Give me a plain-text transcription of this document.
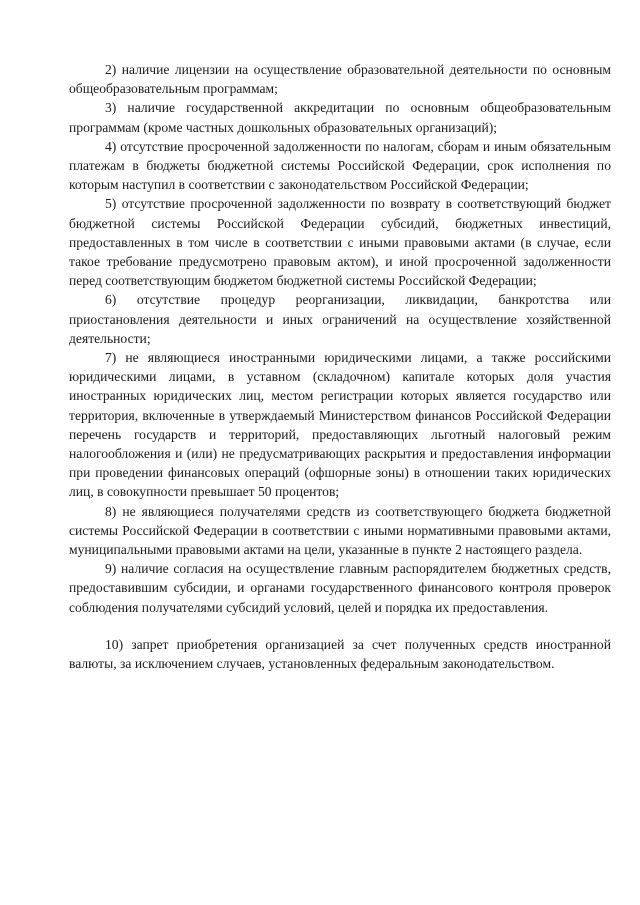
2) наличие лицензии на осуществление образовательной деятельности по основным общеобразовательным программам;

3) наличие государственной аккредитации по основным общеобразовательным программам (кроме частных дошкольных образовательных организаций);

4) отсутствие просроченной задолженности по налогам, сборам и иным обязательным платежам в бюджеты бюджетной системы Российской Федерации, срок исполнения по которым наступил в соответствии с законодательством Российской Федерации;

5) отсутствие просроченной задолженности по возврату в соответствующий бюджет бюджетной системы Российской Федерации субсидий, бюджетных инвестиций, предоставленных в том числе в соответствии с иными правовыми актами (в случае, если такое требование предусмотрено правовым актом), и иной просроченной задолженности перед соответствующим бюджетом бюджетной системы Российской Федерации;

6) отсутствие процедур реорганизации, ликвидации, банкротства или приостановления деятельности и иных ограничений на осуществление хозяйственной деятельности;

7) не являющиеся иностранными юридическими лицами, а также российскими юридическими лицами, в уставном (складочном) капитале которых доля участия иностранных юридических лиц, местом регистрации которых является государство или территория, включенные в утверждаемый Министерством финансов Российской Федерации перечень государств и территорий, предоставляющих льготный налоговый режим налогообложения и (или) не предусматривающих раскрытия и предоставления информации при проведении финансовых операций (офшорные зоны) в отношении таких юридических лиц, в совокупности превышает 50 процентов;

8) не являющиеся получателями средств из соответствующего бюджета бюджетной системы Российской Федерации в соответствии с иными нормативными правовыми актами, муниципальными правовыми актами на цели, указанные в пункте 2 настоящего раздела.

9) наличие согласия на осуществление главным распорядителем бюджетных средств, предоставившим субсидии, и органами государственного финансового контроля проверок соблюдения получателями субсидий условий, целей и порядка их предоставления.

10) запрет приобретения организацией за счет полученных средств иностранной валюты, за исключением случаев, установленных федеральным законодательством.
